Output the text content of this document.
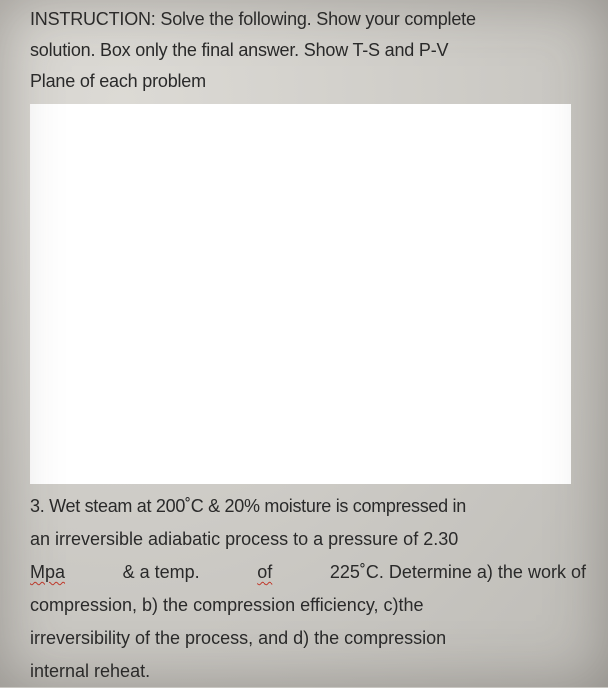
INSTRUCTION: Solve the following. Show your complete
solution. Box only the final answer. Show T-S and P-V
Plane of each problem
3. Wet steam at 200˚C & 20% moisture is compressed in
an irreversible adiabatic process to a pressure of 2.30
Mpa	& a temp.	of	225˚C. Determine a) the work of
compression, b) the compression efficiency, c)the
irreversibility of the process, and d) the compression
internal reheat.
